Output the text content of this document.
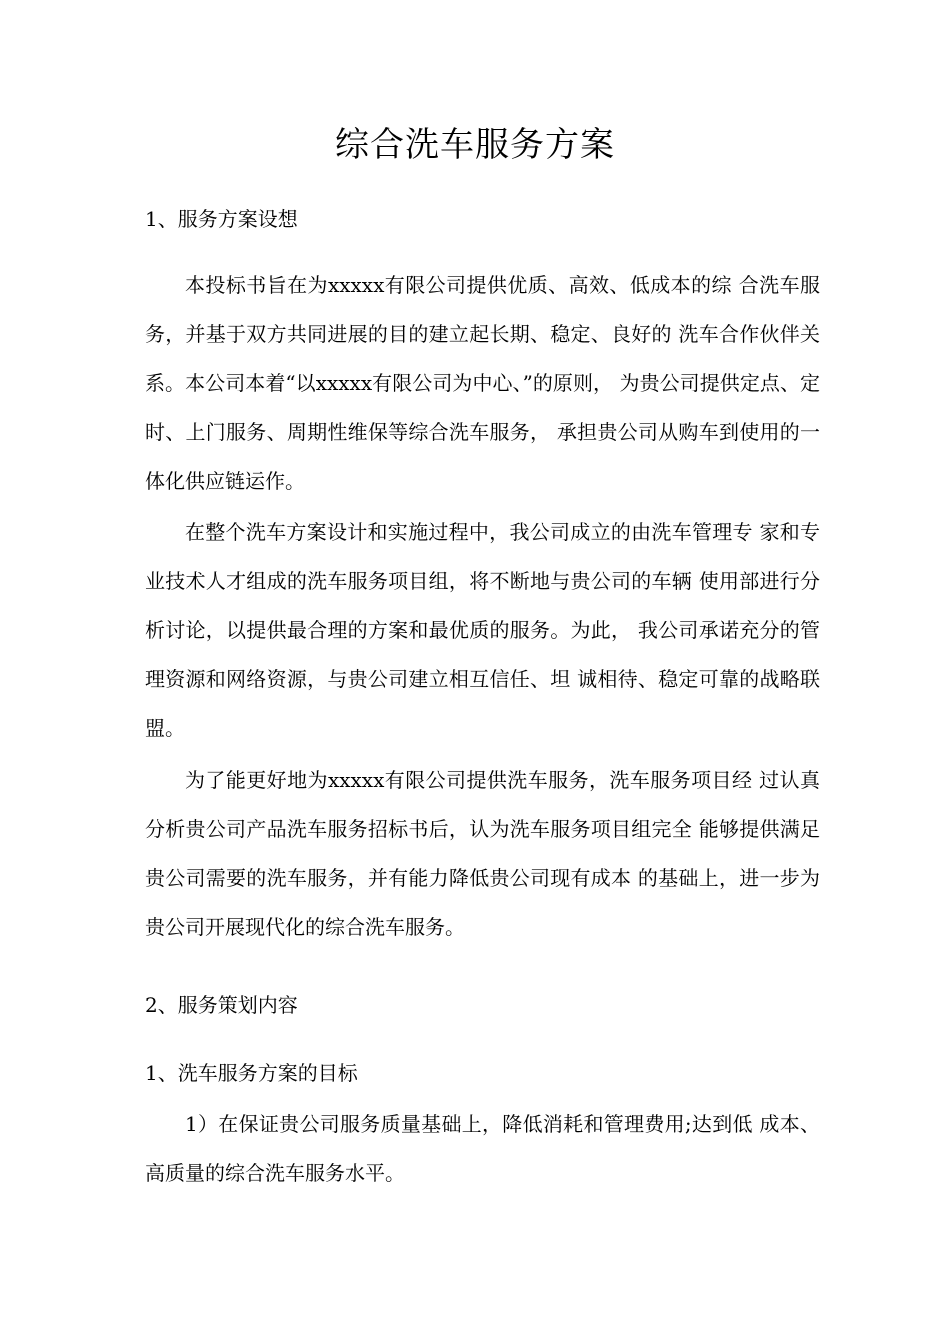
综合洗车服务方案

1、服务方案设想

本投标书旨在为xxxxx有限公司提供优质、高效、低成本的综 合洗车服务，并基于双方共同进展的目的建立起长期、稳定、良好的 洗车合作伙伴关系。本公司本着“以xxxxx有限公司为中心、”的原则， 为贵公司提供定点、定时、上门服务、周期性维保等综合洗车服务， 承担贵公司从购车到使用的一体化供应链运作。

在整个洗车方案设计和实施过程中，我公司成立的由洗车管理专 家和专业技术人才组成的洗车服务项目组，将不断地与贵公司的车辆 使用部进行分析讨论，以提供最合理的方案和最优质的服务。为此， 我公司承诺充分的管理资源和网络资源，与贵公司建立相互信任、坦 诚相待、稳定可靠的战略联盟。

为了能更好地为xxxxx有限公司提供洗车服务，洗车服务项目经 过认真分析贵公司产品洗车服务招标书后，认为洗车服务项目组完全 能够提供满足贵公司需要的洗车服务，并有能力降低贵公司现有成本 的基础上，进一步为贵公司开展现代化的综合洗车服务。

2、服务策划内容

1、洗车服务方案的目标

1）在保证贵公司服务质量基础上，降低消耗和管理费用;达到低 成本、高质量的综合洗车服务水平。
